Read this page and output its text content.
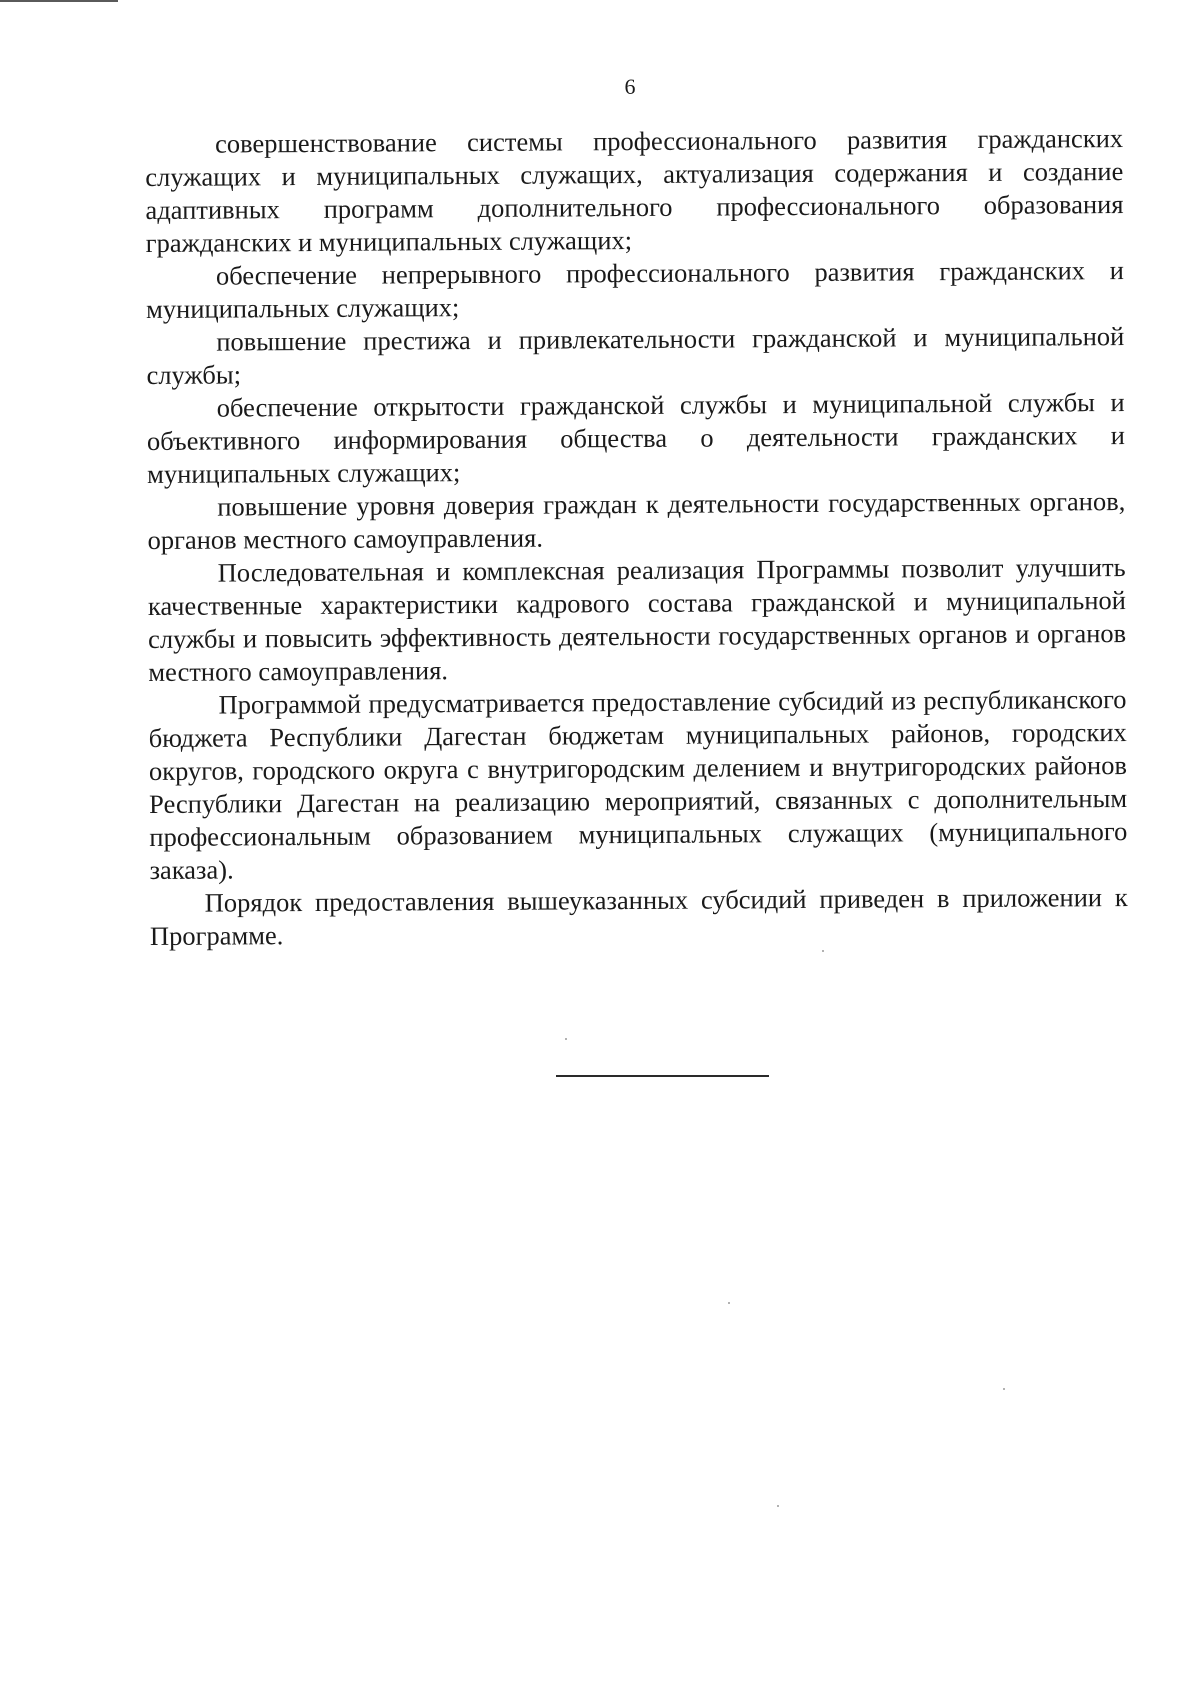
6

совершенствование системы профессионального развития гражданских служащих и муниципальных служащих, актуализация содержания и создание адаптивных программ дополнительного профессионального образования гражданских и муниципальных служащих;

обеспечение непрерывного профессионального развития гражданских и муниципальных служащих;

повышение престижа и привлекательности гражданской и муниципальной службы;

обеспечение открытости гражданской службы и муниципальной службы и объективного информирования общества о деятельности гражданских и муниципальных служащих;

повышение уровня доверия граждан к деятельности государственных органов, органов местного самоуправления.

Последовательная и комплексная реализация Программы позволит улучшить качественные характеристики кадрового состава гражданской и муниципальной службы и повысить эффективность деятельности государственных органов и органов местного самоуправления.

Программой предусматривается предоставление субсидий из республиканского бюджета Республики Дагестан бюджетам муниципальных районов, городских округов, городского округа с внутригородским делением и внутригородских районов Республики Дагестан на реализацию мероприятий, связанных с дополнительным профессиональным образованием муниципальных служащих (муниципального заказа).

Порядок предоставления вышеуказанных субсидий приведен в приложении к Программе.
